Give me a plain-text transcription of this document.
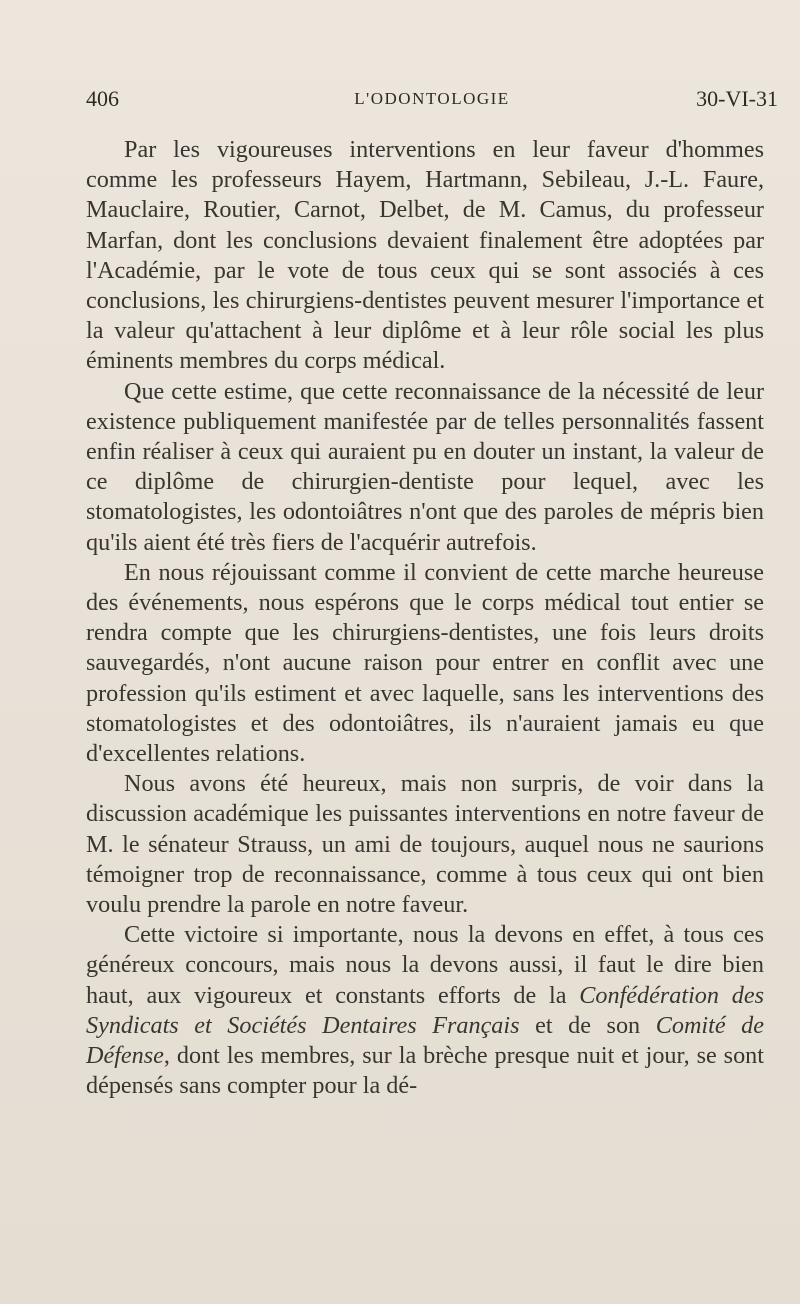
406	L'ODONTOLOGIE	30-VI-31

Par les vigoureuses interventions en leur faveur d'hommes comme les professeurs Hayem, Hartmann, Sebileau, J.-L. Faure, Mauclaire, Routier, Carnot, Delbet, de M. Camus, du professeur Marfan, dont les conclusions devaient finalement être adoptées par l'Académie, par le vote de tous ceux qui se sont associés à ces conclusions, les chirurgiens-dentistes peuvent mesurer l'importance et la valeur qu'attachent à leur diplôme et à leur rôle social les plus éminents membres du corps médical.

Que cette estime, que cette reconnaissance de la nécessité de leur existence publiquement manifestée par de telles personnalités fassent enfin réaliser à ceux qui auraient pu en douter un instant, la valeur de ce diplôme de chirurgien-dentiste pour lequel, avec les stomatologistes, les odontoiâtres n'ont que des paroles de mépris bien qu'ils aient été très fiers de l'acquérir autrefois.

En nous réjouissant comme il convient de cette marche heureuse des événements, nous espérons que le corps médical tout entier se rendra compte que les chirurgiens-dentistes, une fois leurs droits sauvegardés, n'ont aucune raison pour entrer en conflit avec une profession qu'ils estiment et avec laquelle, sans les interventions des stomatologistes et des odontoiâtres, ils n'auraient jamais eu que d'excellentes relations.

Nous avons été heureux, mais non surpris, de voir dans la discussion académique les puissantes interventions en notre faveur de M. le sénateur Strauss, un ami de toujours, auquel nous ne saurions témoigner trop de reconnaissance, comme à tous ceux qui ont bien voulu prendre la parole en notre faveur.

Cette victoire si importante, nous la devons en effet, à tous ces généreux concours, mais nous la devons aussi, il faut le dire bien haut, aux vigoureux et constants efforts de la Confédération des Syndicats et Sociétés Dentaires Français et de son Comité de Défense, dont les membres, sur la brèche presque nuit et jour, se sont dépensés sans compter pour la dé-
